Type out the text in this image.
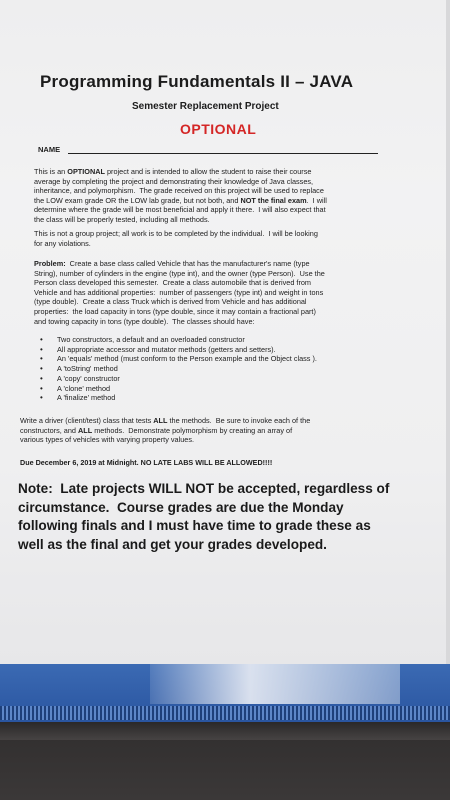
Programming Fundamentals II – JAVA

Semester Replacement Project

OPTIONAL

NAME

This is an OPTIONAL project and is intended to allow the student to raise their course
average by completing the project and demonstrating their knowledge of Java classes,
inheritance, and polymorphism.  The grade received on this project will be used to replace
the LOW exam grade OR the LOW lab grade, but not both, and NOT the final exam.  I will
determine where the grade will be most beneficial and apply it there.  I will also expect that
the class will be properly tested, including all methods.

This is not a group project; all work is to be completed by the individual.  I will be looking
for any violations.

Problem:  Create a base class called Vehicle that has the manufacturer's name (type
String), number of cylinders in the engine (type int), and the owner (type Person).  Use the
Person class developed this semester.  Create a class automobile that is derived from
Vehicle and has additional properties:  number of passengers (type int) and weight in tons
(type double).  Create a class Truck which is derived from Vehicle and has additional
properties:  the load capacity in tons (type double, since it may contain a fractional part)
and towing capacity in tons (type double).  The classes should have:

• Two constructors, a default and an overloaded constructor
• All appropriate accessor and mutator methods (getters and setters).
• An 'equals' method (must conform to the Person example and the Object class ).
• A 'toString' method
• A 'copy' constructor
• A 'clone' method
• A 'finalize' method

Write a driver (client/test) class that tests ALL the methods.  Be sure to invoke each of the
constructors, and ALL methods.  Demonstrate polymorphism by creating an array of
various types of vehicles with varying property values.

Due December 6, 2019 at Midnight. NO LATE LABS WILL BE ALLOWED!!!!

Note:  Late projects WILL NOT be accepted, regardless of
circumstance.  Course grades are due the Monday
following finals and I must have time to grade these as
well as the final and get your grades developed.
